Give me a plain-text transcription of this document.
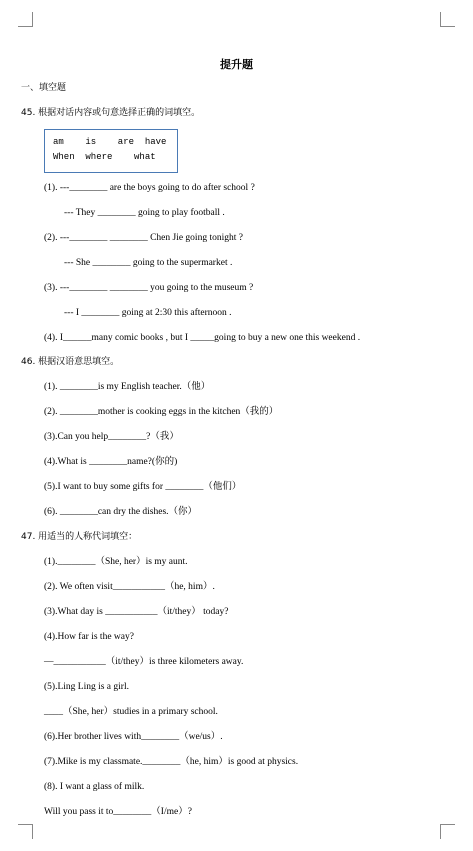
提升题
一、填空题
45. 根据对话内容或句意选择正确的词填空。
am    is    are  have
When  where    what
(1). ---________ are the boys going to do after school ?
--- They ________ going to play football .
(2). ---________ ________ Chen Jie going tonight ?
--- She ________ going to the supermarket .
(3). ---________ ________ you going to the museum ?
--- I ________ going at 2:30 this afternoon .
(4). I______many comic books , but I _____going to buy a new one this weekend .
46. 根据汉语意思填空。
(1). ________is my English teacher.（他）
(2). ________mother is cooking eggs in the kitchen（我的）
(3).Can you help________?（我）
(4).What is ________name?(你的)
(5).I want to buy some gifts for ________（他们）
(6). ________can dry the dishes.（你）
47. 用适当的人称代词填空：
(1).________（She, her）is my aunt.
(2). We often visit___________（he, him）.
(3).What day is ___________（it/they） today?
(4).How far is the way?
—___________（it/they）is three kilometers away.
(5).Ling Ling is a girl.
____（She, her）studies in a primary school.
(6).Her brother lives with________（we/us）.
(7).Mike is my classmate.________（he, him）is good at physics.
(8). I want a glass of milk.
Will you pass it to________（I/me）?
